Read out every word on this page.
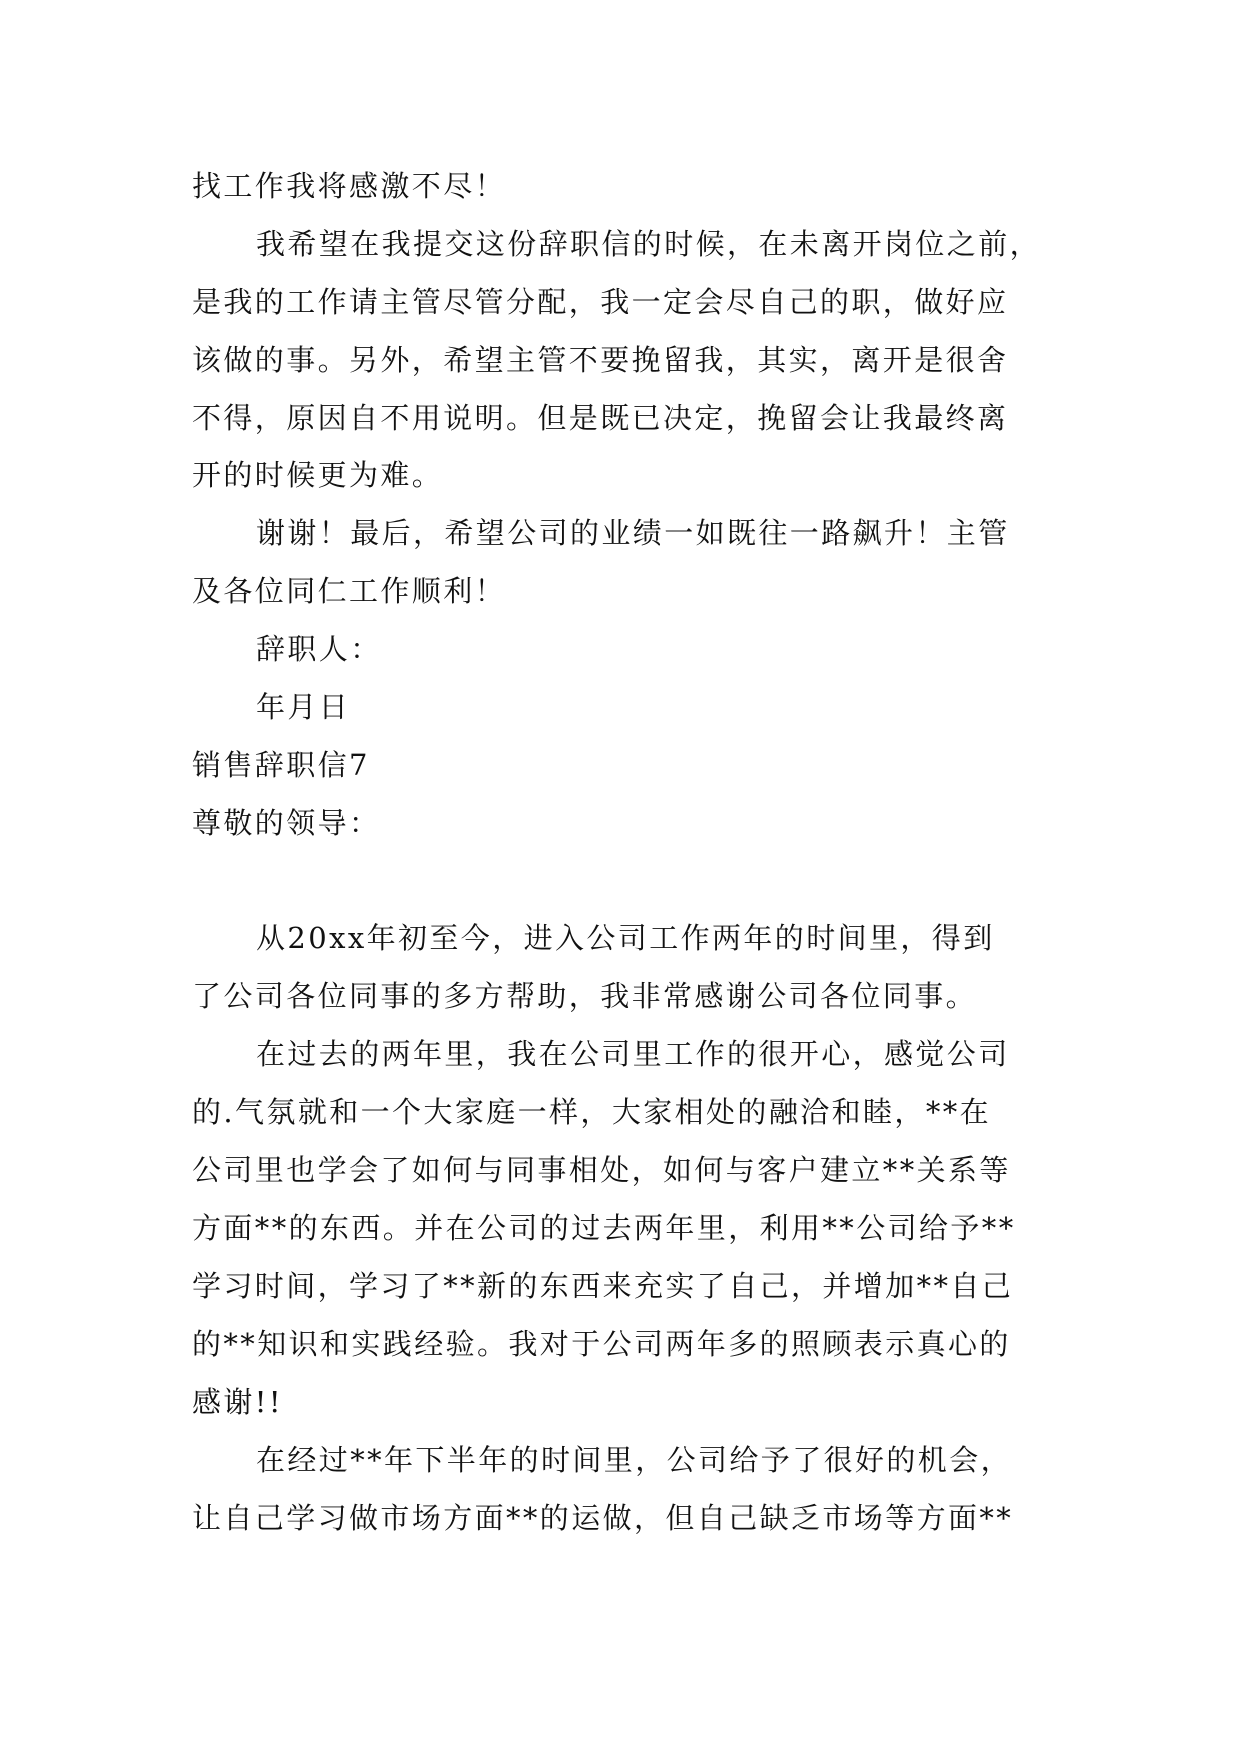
找工作我将感激不尽！

我希望在我提交这份辞职信的时候，在未离开岗位之前，

是我的工作请主管尽管分配，我一定会尽自己的职，做好应

该做的事。另外，希望主管不要挽留我，其实，离开是很舍

不得，原因自不用说明。但是既已决定，挽留会让我最终离

开的时候更为难。

谢谢！最后，希望公司的业绩一如既往一路飙升！主管

及各位同仁工作顺利！

辞职人：

年月日

销售辞职信7

尊敬的领导：

从20xx年初至今，进入公司工作两年的时间里，得到

了公司各位同事的多方帮助，我非常感谢公司各位同事。

在过去的两年里，我在公司里工作的很开心，感觉公司

的.气氛就和一个大家庭一样，大家相处的融洽和睦，**在

公司里也学会了如何与同事相处，如何与客户建立**关系等

方面**的东西。并在公司的过去两年里，利用**公司给予**

学习时间，学习了**新的东西来充实了自己，并增加**自己

的**知识和实践经验。我对于公司两年多的照顾表示真心的

感谢!!

在经过**年下半年的时间里，公司给予了很好的机会，

让自己学习做市场方面**的运做，但自己缺乏市场等方面**
